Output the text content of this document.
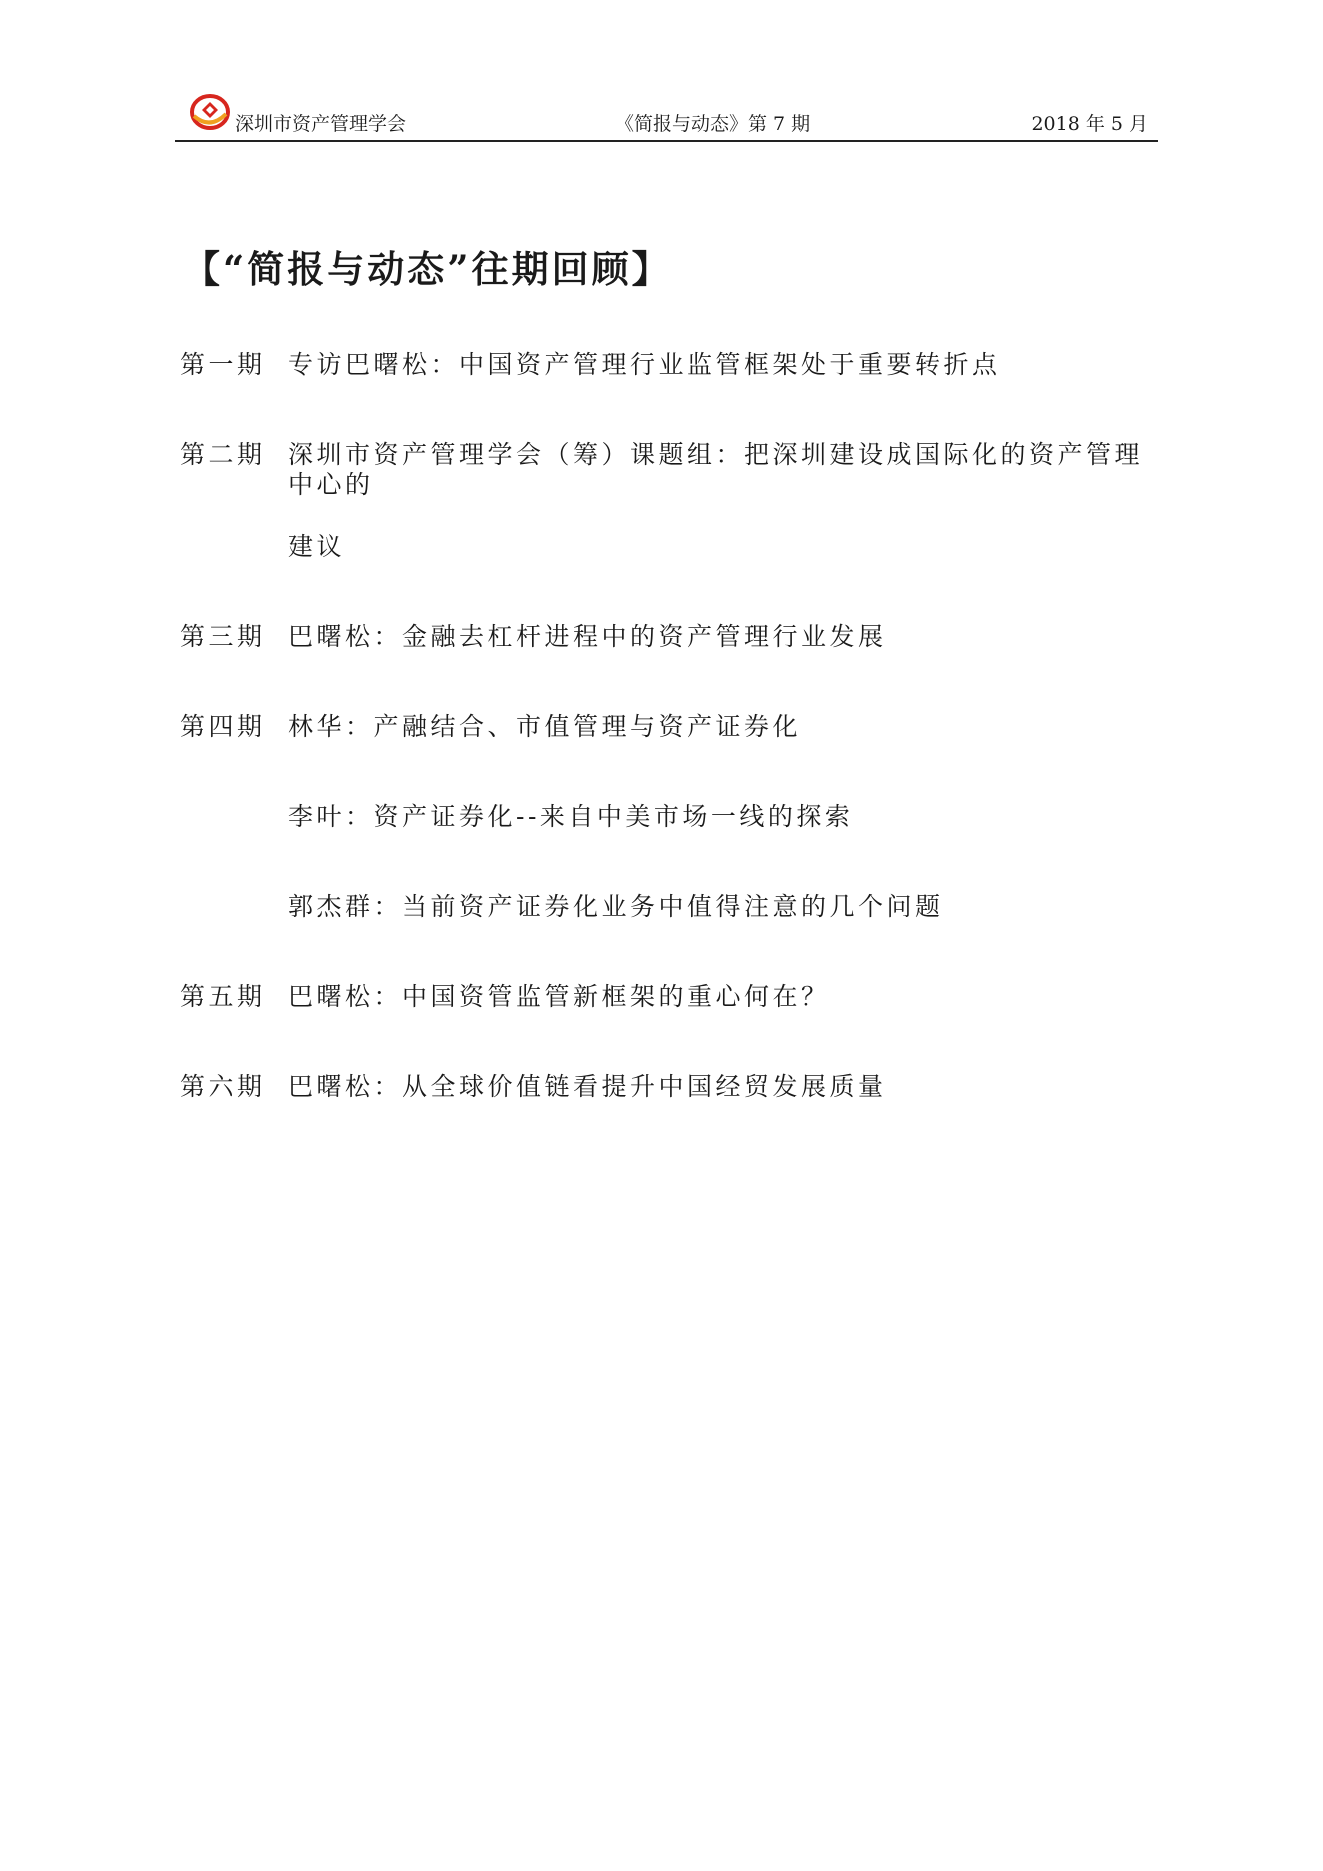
深圳市资产管理学会	《简报与动态》第 7 期	2018 年 5 月
【“简报与动态”往期回顾】
第一期 专访巴曙松：中国资产管理行业监管框架处于重要转折点
第二期 深圳市资产管理学会（筹）课题组：把深圳建设成国际化的资产管理中心的
建议
第三期 巴曙松：金融去杠杆进程中的资产管理行业发展
第四期 林华：产融结合、市值管理与资产证券化
李叶：资产证券化--来自中美市场一线的探索
郭杰群：当前资产证券化业务中值得注意的几个问题
第五期 巴曙松：中国资管监管新框架的重心何在？
第六期 巴曙松：从全球价值链看提升中国经贸发展质量
